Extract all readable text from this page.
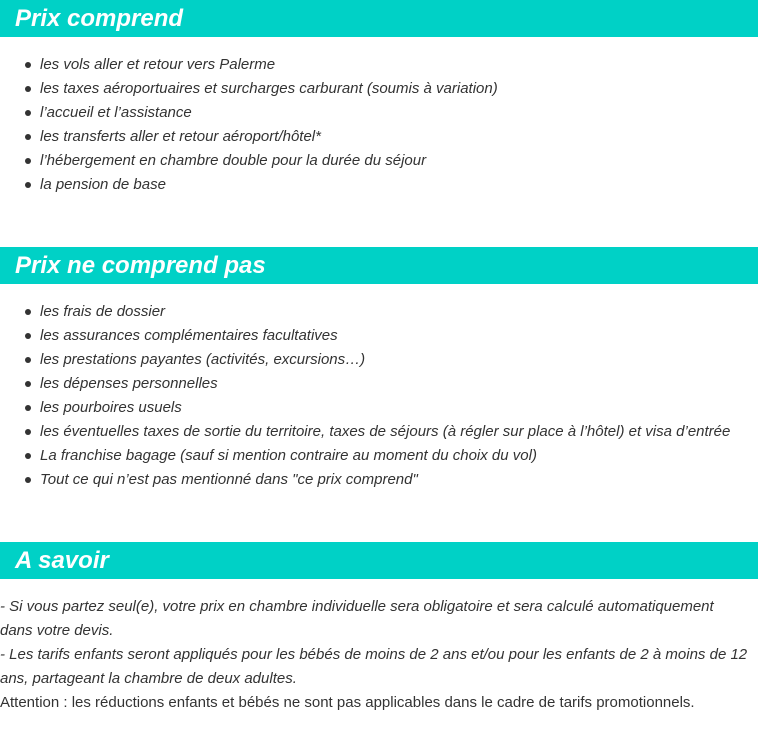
Prix comprend
les vols aller et retour vers Palerme
les taxes aéroportuaires et surcharges carburant (soumis à variation)
l’accueil et l’assistance
les transferts aller et retour aéroport/hôtel*
l’hébergement en chambre double pour la durée du séjour
la pension de base
Prix ne comprend pas
les frais de dossier
les assurances complémentaires facultatives
les prestations payantes (activités, excursions…)
les dépenses personnelles
les pourboires usuels
les éventuelles taxes de sortie du territoire, taxes de séjours (à régler sur place à l’hôtel) et visa d’entrée
La franchise bagage (sauf si mention contraire au moment du choix du vol)
Tout ce qui n’est pas mentionné dans "ce prix comprend"
A savoir

- Si vous partez seul(e), votre prix en chambre individuelle sera obligatoire et sera calculé automatiquement dans votre devis.

- Les tarifs enfants seront appliqués pour les bébés de moins de 2 ans et/ou pour les enfants de 2 à moins de 12 ans, partageant la chambre de deux adultes.

Attention : les réductions enfants et bébés ne sont pas applicables dans le cadre de tarifs promotionnels.
